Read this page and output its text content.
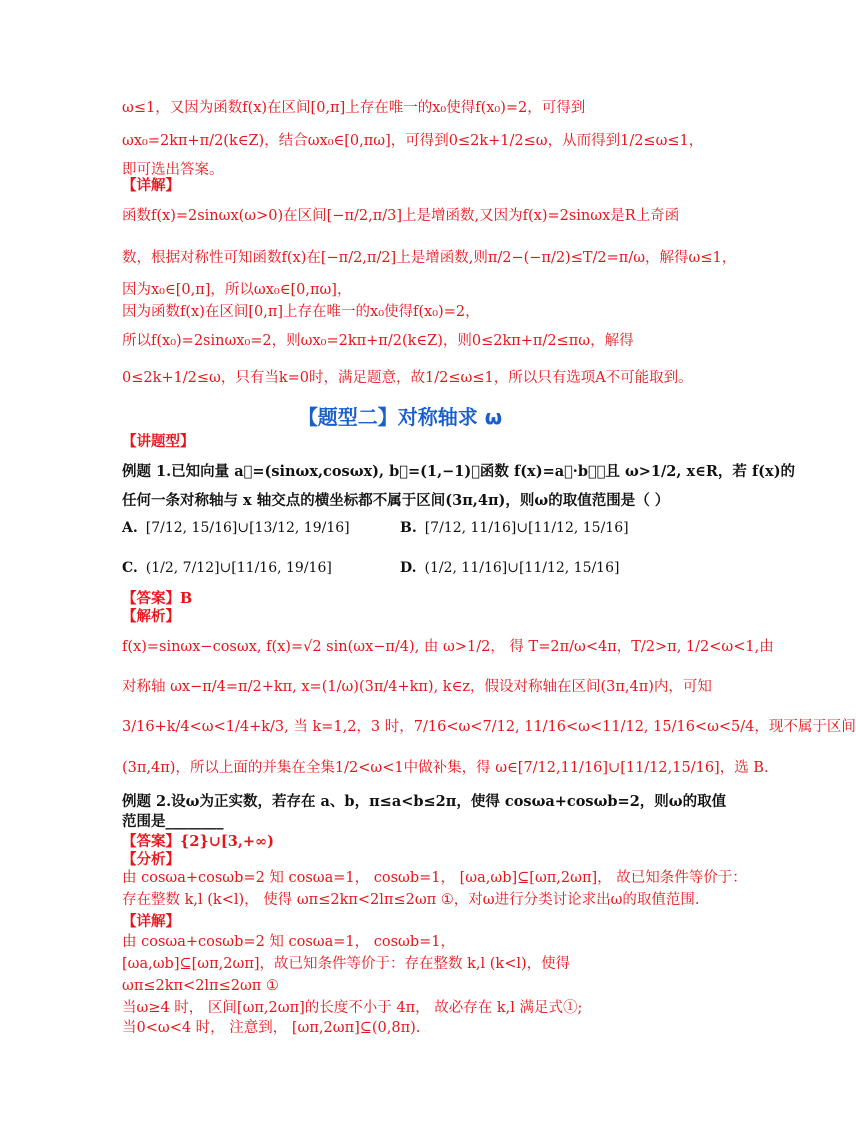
ω≤1，又因为函数f(x)在区间[0,π]上存在唯一的x₀使得f(x₀)=2，可得到
ωx₀=2kπ+π/2(k∈Z)，结合ωx₀∈[0,πω]，可得到0≤2k+1/2≤ω，从而得到1/2≤ω≤1，
即可选出答案。
【详解】
函数f(x)=2sinωx(ω>0)在区间[−π/2,π/3]上是增函数,又因为f(x)=2sinωx是R上奇函
数，根据对称性可知函数f(x)在[−π/2,π/2]上是增函数,则π/2−(−π/2)≤T/2=π/ω，解得ω≤1，
因为x₀∈[0,π]，所以ωx₀∈[0,πω]，
因为函数f(x)在区间[0,π]上存在唯一的x₀使得f(x₀)=2，
所以f(x₀)=2sinωx₀=2，则ωx₀=2kπ+π/2(k∈Z)，则0≤2kπ+π/2≤πω，解得
0≤2k+1/2≤ω，只有当k=0时，满足题意，故1/2≤ω≤1，所以只有选项A不可能取到。
【题型二】对称轴求 ω
【讲题型】
例题 1.已知向量 a⃗=(sinωx,cosωx), b⃗=(1,−1)，函数 f(x)=a⃗·b⃗，且 ω>1/2, x∈R，若 f(x)的
任何一条对称轴与 x 轴交点的横坐标都不属于区间(3π,4π)，则ω的取值范围是（ ）
A. [7/12, 15/16]∪[13/12, 19/16]	B. [7/12, 11/16]∪[11/12, 15/16]
C. (1/2, 7/12]∪[11/16, 19/16]	D. (1/2, 11/16]∪[11/12, 15/16]
【答案】B
【解析】
f(x)=sinωx−cosωx, f(x)=√2 sin(ωx−π/4), 由 ω>1/2， 得 T=2π/ω<4π，T/2>π, 1/2<ω<1,由
对称轴 ωx−π/4=π/2+kπ, x=(1/ω)(3π/4+kπ), k∈z，假设对称轴在区间(3π,4π)内，可知
3/16+k/4<ω<1/4+k/3, 当 k=1,2，3 时，7/16<ω<7/12, 11/16<ω<11/12, 15/16<ω<5/4，现不属于区间
(3π,4π)，所以上面的并集在全集1/2<ω<1中做补集，得 ω∈[7/12,11/16]∪[11/12,15/16]，选 B.
例题 2.设ω为正实数，若存在 a、b，π≤a<b≤2π，使得 cosωa+cosωb=2，则ω的取值
范围是________
【答案】{2}∪[3,+∞)
【分析】
由 cosωa+cosωb=2 知 cosωa=1， cosωb=1， [ωa,ωb]⊆[ωπ,2ωπ]， 故已知条件等价于：
存在整数 k,l (k<l)， 使得 ωπ≤2kπ<2lπ≤2ωπ ①，对ω进行分类讨论求出ω的取值范围.
【详解】
由 cosωa+cosωb=2 知 cosωa=1， cosωb=1，
[ωa,ωb]⊆[ωπ,2ωπ]，故已知条件等价于：存在整数 k,l (k<l)，使得
ωπ≤2kπ<2lπ≤2ωπ ①
当ω≥4 时， 区间[ωπ,2ωπ]的长度不小于 4π， 故必存在 k,l 满足式①;
当0<ω<4 时， 注意到， [ωπ,2ωπ]⊆(0,8π).
